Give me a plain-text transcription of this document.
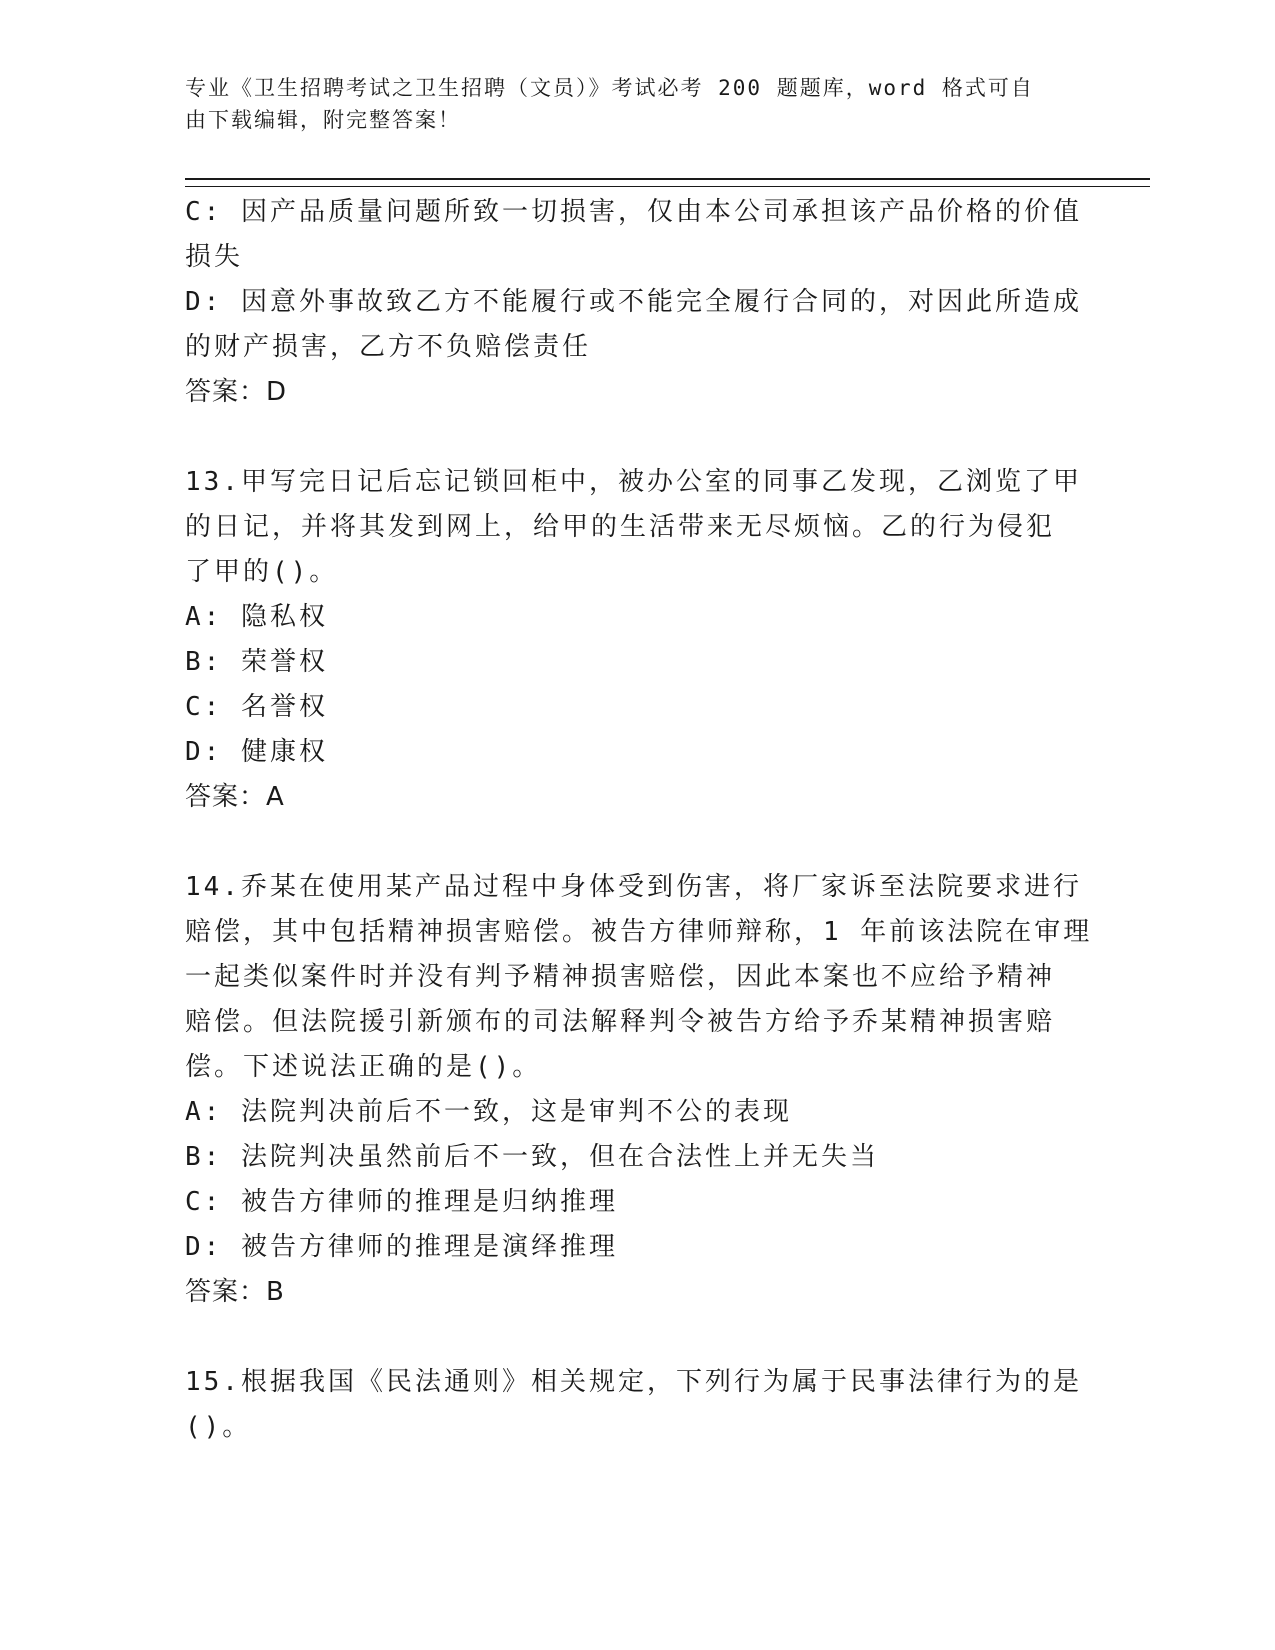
专业《卫生招聘考试之卫生招聘（文员）》考试必考 200 题题库，word 格式可自
由下载编辑，附完整答案！
C: 因产品质量问题所致一切损害，仅由本公司承担该产品价格的价值
损失
D: 因意外事故致乙方不能履行或不能完全履行合同的，对因此所造成
的财产损害，乙方不负赔偿责任
答案：D
13.甲写完日记后忘记锁回柜中，被办公室的同事乙发现，乙浏览了甲
的日记，并将其发到网上，给甲的生活带来无尽烦恼。乙的行为侵犯
了甲的()。
A: 隐私权
B: 荣誉权
C: 名誉权
D: 健康权
答案：A
14.乔某在使用某产品过程中身体受到伤害，将厂家诉至法院要求进行
赔偿，其中包括精神损害赔偿。被告方律师辩称，1 年前该法院在审理
一起类似案件时并没有判予精神损害赔偿，因此本案也不应给予精神
赔偿。但法院援引新颁布的司法解释判令被告方给予乔某精神损害赔
偿。下述说法正确的是()。
A: 法院判决前后不一致，这是审判不公的表现
B: 法院判决虽然前后不一致，但在合法性上并无失当
C: 被告方律师的推理是归纳推理
D: 被告方律师的推理是演绎推理
答案：B
15.根据我国《民法通则》相关规定，下列行为属于民事法律行为的是
()。
